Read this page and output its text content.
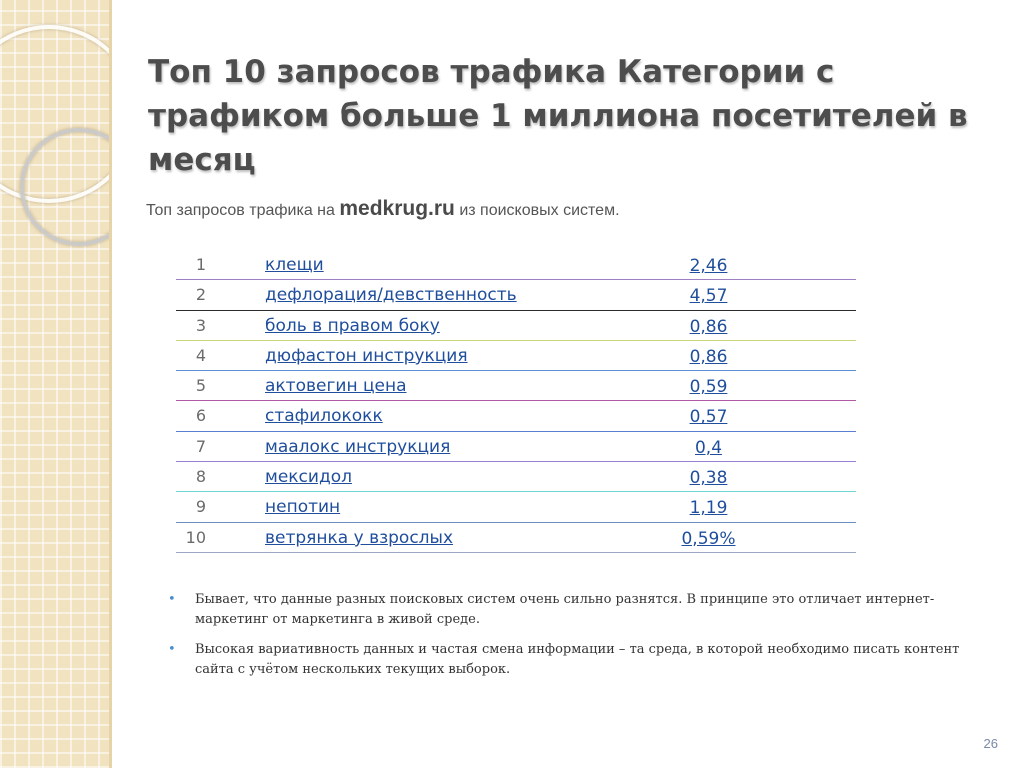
Топ 10 запросов трафика Категории с трафиком больше 1 миллиона посетителей в месяц
Топ запросов трафика на medkrug.ru из поисковых систем.
1	клещи	2,46
2	дефлорация/девственность	4,57
3	боль в правом боку	0,86
4	дюфастон инструкция	0,86
5	актовегин цена	0,59
6	стафилококк	0,57
7	маалокс инструкция	0,4
8	мексидол	0,38
9	непотин	1,19
10	ветрянка у взрослых	0,59%
• Бывает, что данные разных поисковых систем очень сильно разнятся. В принципе это отличает интернет-маркетинг от маркетинга в живой среде.
• Высокая вариативность данных и частая смена информации – та среда, в которой необходимо писать контент сайта с учётом нескольких текущих выборок.
26
